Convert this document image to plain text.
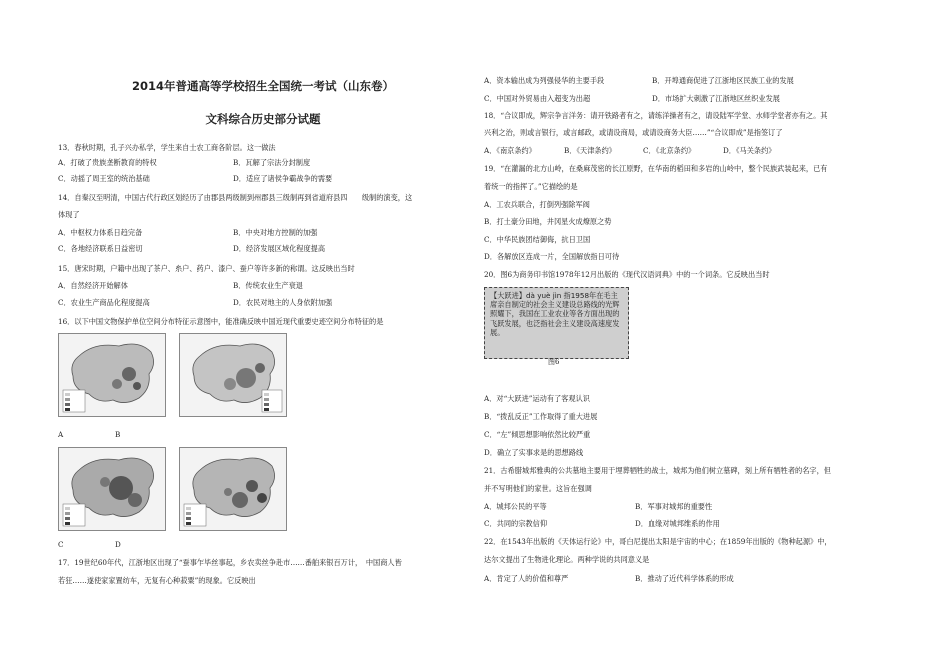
2014年普通高等学校招生全国统一考试（山东卷）
文科综合历史部分试题
13．春秋时期，孔子兴办私学，学生来自士农工商各阶层。这一做法
A．打破了贵族垄断教育的特权	B．瓦解了宗法分封制度
C．动摇了周王室的统治基础	D．适应了诸侯争霸战争的需要
14．自秦汉至明清，中国古代行政区划经历了由郡县两级制到州郡县三级制再到省道府县四　　级制的演变，这
体现了
A．中枢权力体系日趋完备	B．中央对地方控制的加强
C．各地经济联系日益密切	D．经济发展区域化程度提高
15．唐宋时期，户籍中出现了茶户、糸户、药户、漆户、蚕户等许多新的称谓。这反映出当时
A．自然经济开始解体	B．传统农业生产衰退
C．农业生产商品化程度提高	D．农民对地主的人身依附加强
16．以下中国文物保护单位空间分布特征示意图中，能准确反映中国近现代重要史迹空间分布特征的是
A	B
C	D
17．19世纪60年代，江浙地区出现了“蚕事乍毕丝事起，乡农卖丝争赴市……番舶来银百万计，　中国商人皆
若狂……遂使家家置纺车，无复有心种菽粟”的现象。它反映出
A．资本输出成为列强侵华的主要手段	B．开埠通商促进了江浙地区民族工业的发展
C．中国对外贸易由入超变为出超	D．市场扩大刺激了江浙地区丝织业发展
18．“合议即成，辉宗争言洋务：请开铁路者有之，请练洋操者有之，请设陆军学堂、水师学堂者亦有之。其
兴利之治，则或言银行，或言邮政，或请设商局，或请设商务大臣……”“合议即成”是指签订了
A．《南京条约》	B．《天津条约》	C．《北京条约》	D．《马关条约》
19．“在灌漏的北方山岭，在桑麻茂密的长江原野，在华南的稻田和多岩的山岭中，整个民族武装起来，已有
着统一的指挥了。”它描绘的是
A．工农兵联合，打倒列强除军阀
B．打土豪分田地，井冈星火成燎原之势
C．中华民族团结御侮，抗日卫国
D．各解放区连成一片，全国解放指日可待
20．图6为商务印书馆1978年12月出版的《现代汉语词典》中的一个词条。它反映出当时
【大跃进】dà yuè jìn 指1958年在毛主席亲自制定的社会主义建设总路线的光辉照耀下，我国在工业农业等各方面出现的飞跃发展，也泛指社会主义建设高速度发展。
图6
A．对“大跃进”运动有了客观认识
B．“拨乱反正”工作取得了重大进展
C．“左”倾思想影响依然比较严重
D．确立了实事求是的思想路线
21．古希腊城邦雅典的公共墓地主要用于埋葬牺牲的战士，城邦为他们树立墓碑，刻上所有牺牲者的名字，但
并不写明他们的家世。这旨在强调
A．城邦公民的平等	B．军事对城邦的重要性
C．共同的宗教信仰	D．血缘对城邦维系的作用
22．在1543年出版的《天体运行论》中，哥白尼提出太阳是宇宙的中心；在1859年出版的《物种起源》中，
达尔文提出了生物进化理论。两种学说的共同意义是
A．肯定了人的价值和尊严	B．推动了近代科学体系的形成
